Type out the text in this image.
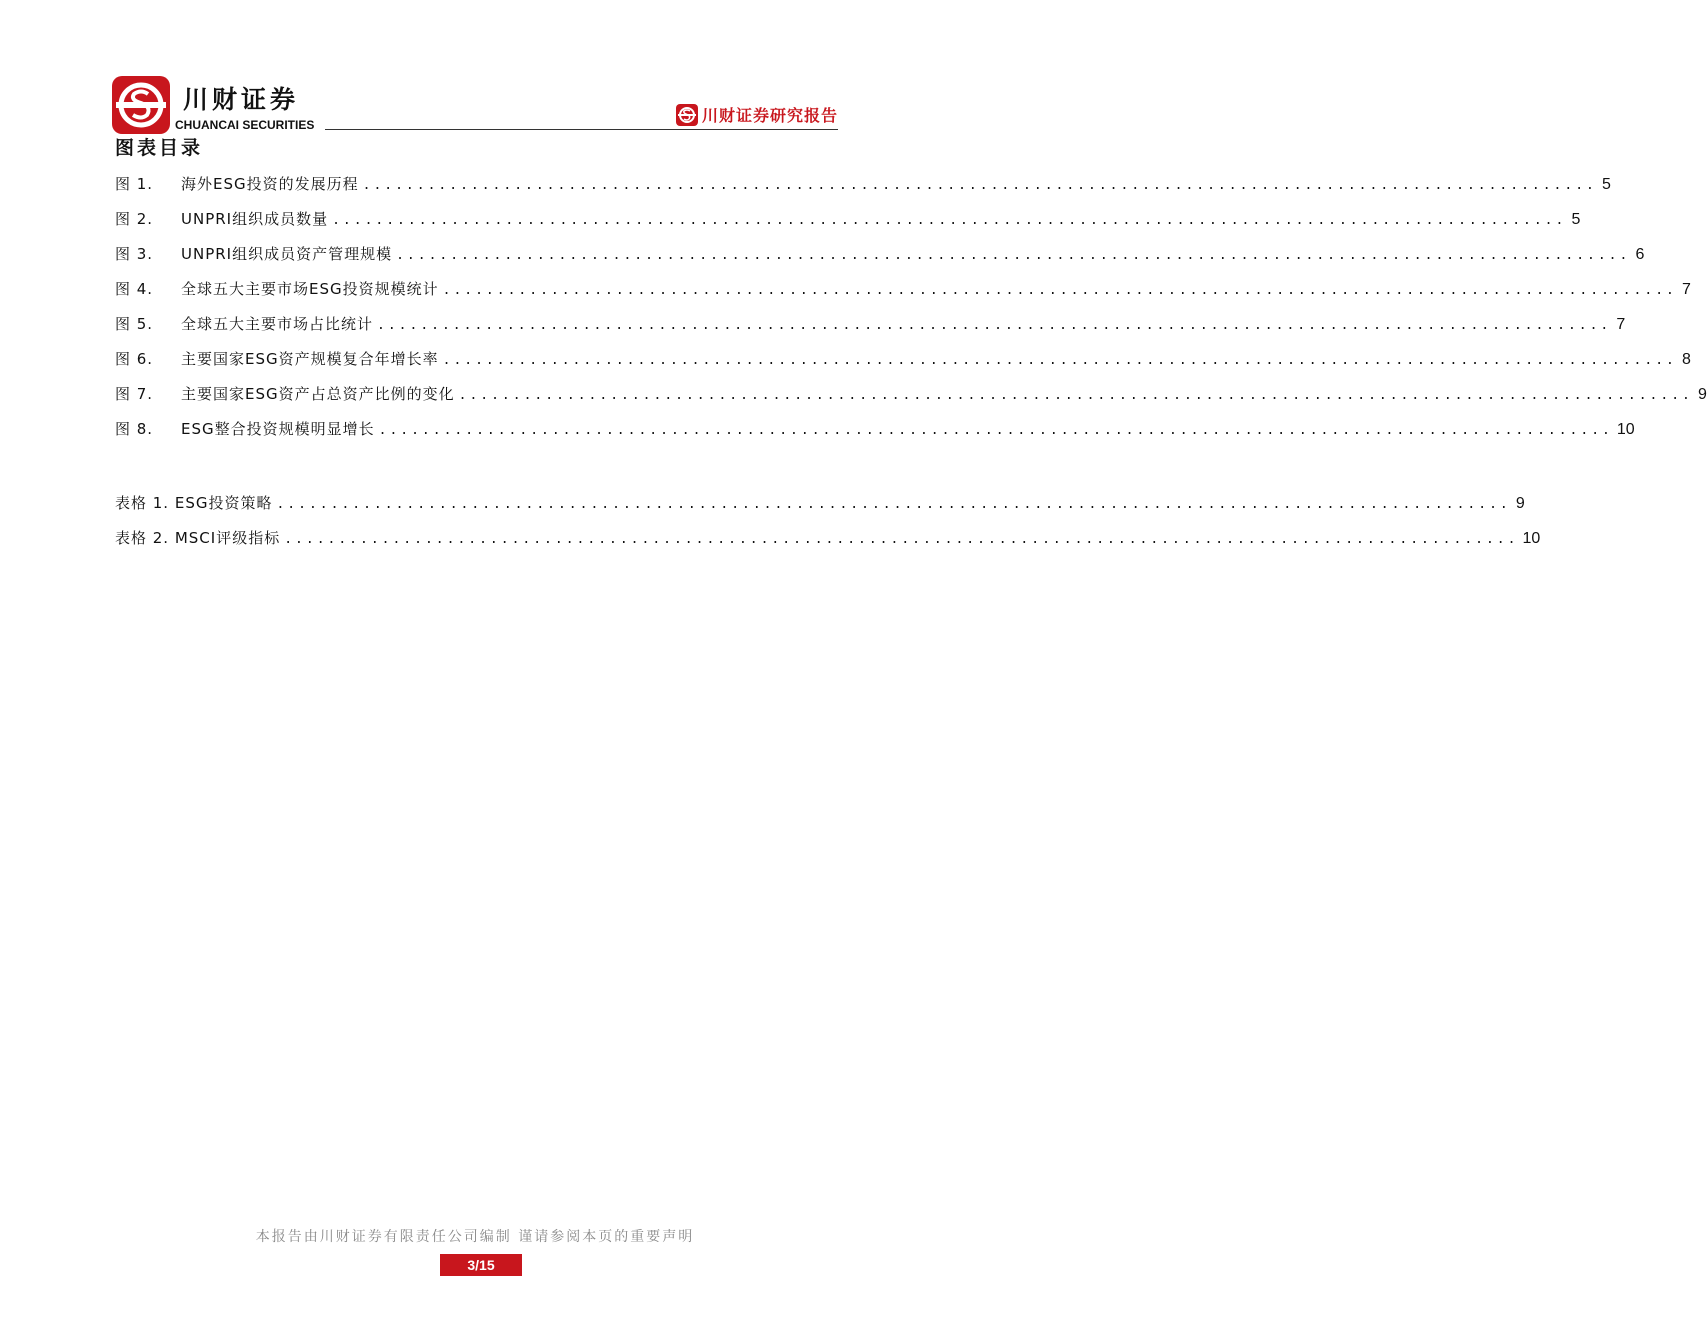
川财证券
CHUANCAI SECURITIES	川财证券研究报告
图表目录
图 1. 海外ESG投资的发展历程 .................................................................................................................. 5
图 2. UNPRI组织成员数量 .................................................................................................................. 5
图 3. UNPRI组织成员资产管理规模 .................................................................................................................. 6
图 4. 全球五大主要市场ESG投资规模统计 .................................................................................................................. 7
图 5. 全球五大主要市场占比统计 .................................................................................................................. 7
图 6. 主要国家ESG资产规模复合年增长率 .................................................................................................................. 8
图 7. 主要国家ESG资产占总资产比例的变化 .................................................................................................................. 9
图 8. ESG整合投资规模明显增长 .................................................................................................................. 10
表格 1. ESG投资策略 .................................................................................................................. 9
表格 2. MSCI评级指标 .................................................................................................................. 10
本报告由川财证券有限责任公司编制 谨请参阅本页的重要声明
3/15
